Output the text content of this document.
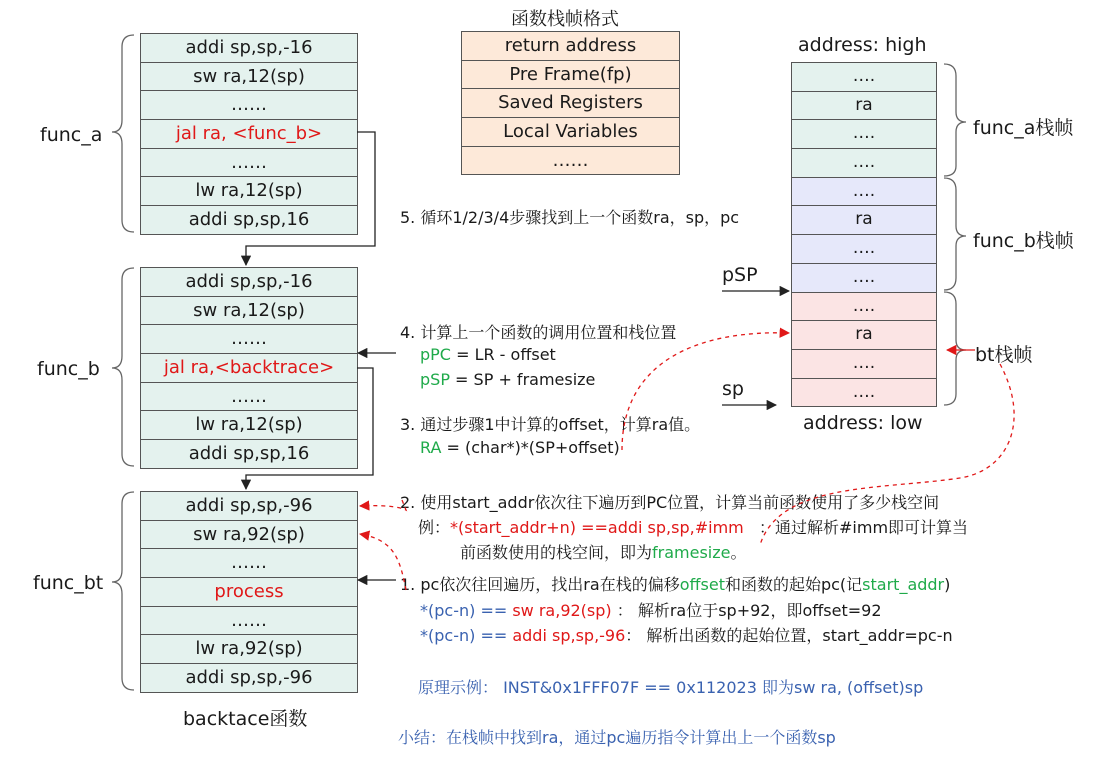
func_a
addi sp,sp,-16
sw ra,12(sp)
……
jal ra, <func_b>
……
lw ra,12(sp)
addi sp,sp,16
func_b
addi sp,sp,-16
sw ra,12(sp)
……
jal ra,<backtrace>
……
lw ra,12(sp)
addi sp,sp,16
func_bt
addi sp,sp,-96
sw ra,92(sp)
……
process
……
lw ra,92(sp)
addi sp,sp,-96
backtace函数
函数栈帧格式
return address
Pre Frame(fp)
Saved Registers
Local Variables
……
address: high
….
ra
….
….
….
ra
….
….
….
ra
….
….
address: low
func_a栈帧
func_b栈帧
bt栈帧
pSP
sp
5. 循环1/2/3/4步骤找到上一个函数ra，sp，pc
4. 计算上一个函数的调用位置和栈位置
pPC = LR - offset
pSP = SP + framesize
3. 通过步骤1中计算的offset，计算ra值。
RA = (char*)*(SP+offset)
2. 使用start_addr依次往下遍历到PC位置，计算当前函数使用了多少栈空间
例：*(start_addr+n) ==addi sp,sp,#imm ：通过解析#imm即可计算当
前函数使用的栈空间，即为framesize。
1. pc依次往回遍历，找出ra在栈的偏移offset和函数的起始pc(记start_addr)
*(pc-n) == sw ra,92(sp) ： 解析ra位于sp+92，即offset=92
*(pc-n) == addi sp,sp,-96： 解析出函数的起始位置，start_addr=pc-n
原理示例： INST&0x1FFF07F == 0x112023 即为sw ra, (offset)sp
小结：在栈帧中找到ra，通过pc遍历指令计算出上一个函数sp
